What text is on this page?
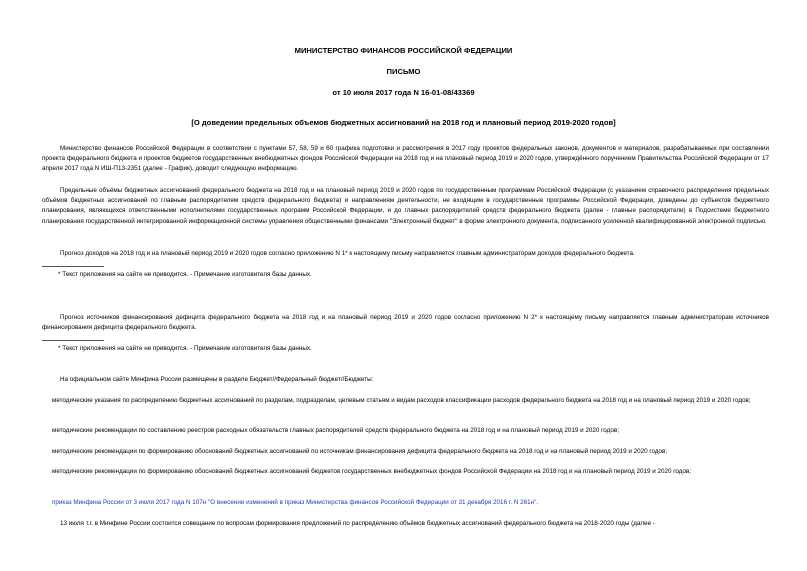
МИНИСТЕРСТВО ФИНАНСОВ РОССИЙСКОЙ ФЕДЕРАЦИИ
ПИСЬМО
от 10 июля 2017 года N 16-01-08/43369
[О доведении предельных объемов бюджетных ассигнований на 2018 год и плановый период 2019-2020 годов]
Министерство финансов Российской Федерации в соответствии с пунктами 57, 58, 59 и 60 графика подготовки и рассмотрения в 2017 году проектов федеральных законов, документов и материалов, разрабатываемых при составлении проекта федерального бюджета и проектов бюджетов государственных внебюджетных фондов Российской Федерации на 2018 год и на плановый период 2019 и 2020 годов, утверждённого поручением Правительства Российской Федерации от 17 апреля 2017 года N ИШ-П13-2351 (далее - График), доводит следующую информацию.
Предельные объёмы бюджетных ассигнований федерального бюджета на 2018 год и на плановый период 2019 и 2020 годов по государственным программам Российской Федерации (с указанием справочного распределения предельных объёмов бюджетных ассигнований по главным распорядителям средств федерального бюджета) и направлениям деятельности, не входящим в государственные программы Российской Федерации, доведены до субъектов бюджетного планирования, являющихся ответственными исполнителями государственных программ Российской Федерации, и до главных распорядителей средств федерального бюджета (далее - главные распорядители) в Подсистеме бюджетного планирования государственной интегрированной информационной системы управления общественными финансами "Электронный бюджет" в форме электронного документа, подписанного усиленной квалифицированной электронной подписью.
Прогноз доходов на 2018 год и на плановый период 2019 и 2020 годов согласно приложению N 1* к настоящему письму направляется главным администраторам доходов федерального бюджета.
* Текст приложения на сайте не приводится. - Примечание изготовителя базы данных.
Прогноз источников финансирования дефицита федерального бюджета на 2018 год и на плановый период 2019 и 2020 годов согласно приложению N 2* к настоящему письму направляется главным администраторам источников финансирования дефицита федерального бюджета.
* Текст приложения на сайте не приводится. - Примечание изготовителя базы данных.
На официальном сайте Минфина России размещены в разделе Бюджет//Федеральный бюджет//Бюджеты:
методические указания по распределению бюджетных ассигнований по разделам, подразделам, целевым статьям и видам расходов классификации расходов федерального бюджета на 2018 год и на плановый период 2019 и 2020 годов;
методические рекомендации по составлению реестров расходных обязательств главных распорядителей средств федерального бюджета на 2018 год и на плановый период 2019 и 2020 годов;
методические рекомендации по формированию обоснований бюджетных ассигнований по источникам финансирования дефицита федерального бюджета на 2018 год и на плановый период 2019 и 2020 годов;
методические рекомендации по формированию обоснований бюджетных ассигнований бюджетов государственных внебюджетных фондов Российской Федерации на 2018 год и на плановый период 2019 и 2020 годов;
приказ Минфина России от 3 июля 2017 года N 107н "О внесении изменений в приказ Министерства финансов Российской Федерации от 31 декабря 2016 г. N 261н".
13 июля т.г. в Минфине России состоится совещание по вопросам формирования предложений по распределению объёмов бюджетных ассигнований федерального бюджета на 2018-2020 годы (далее -
